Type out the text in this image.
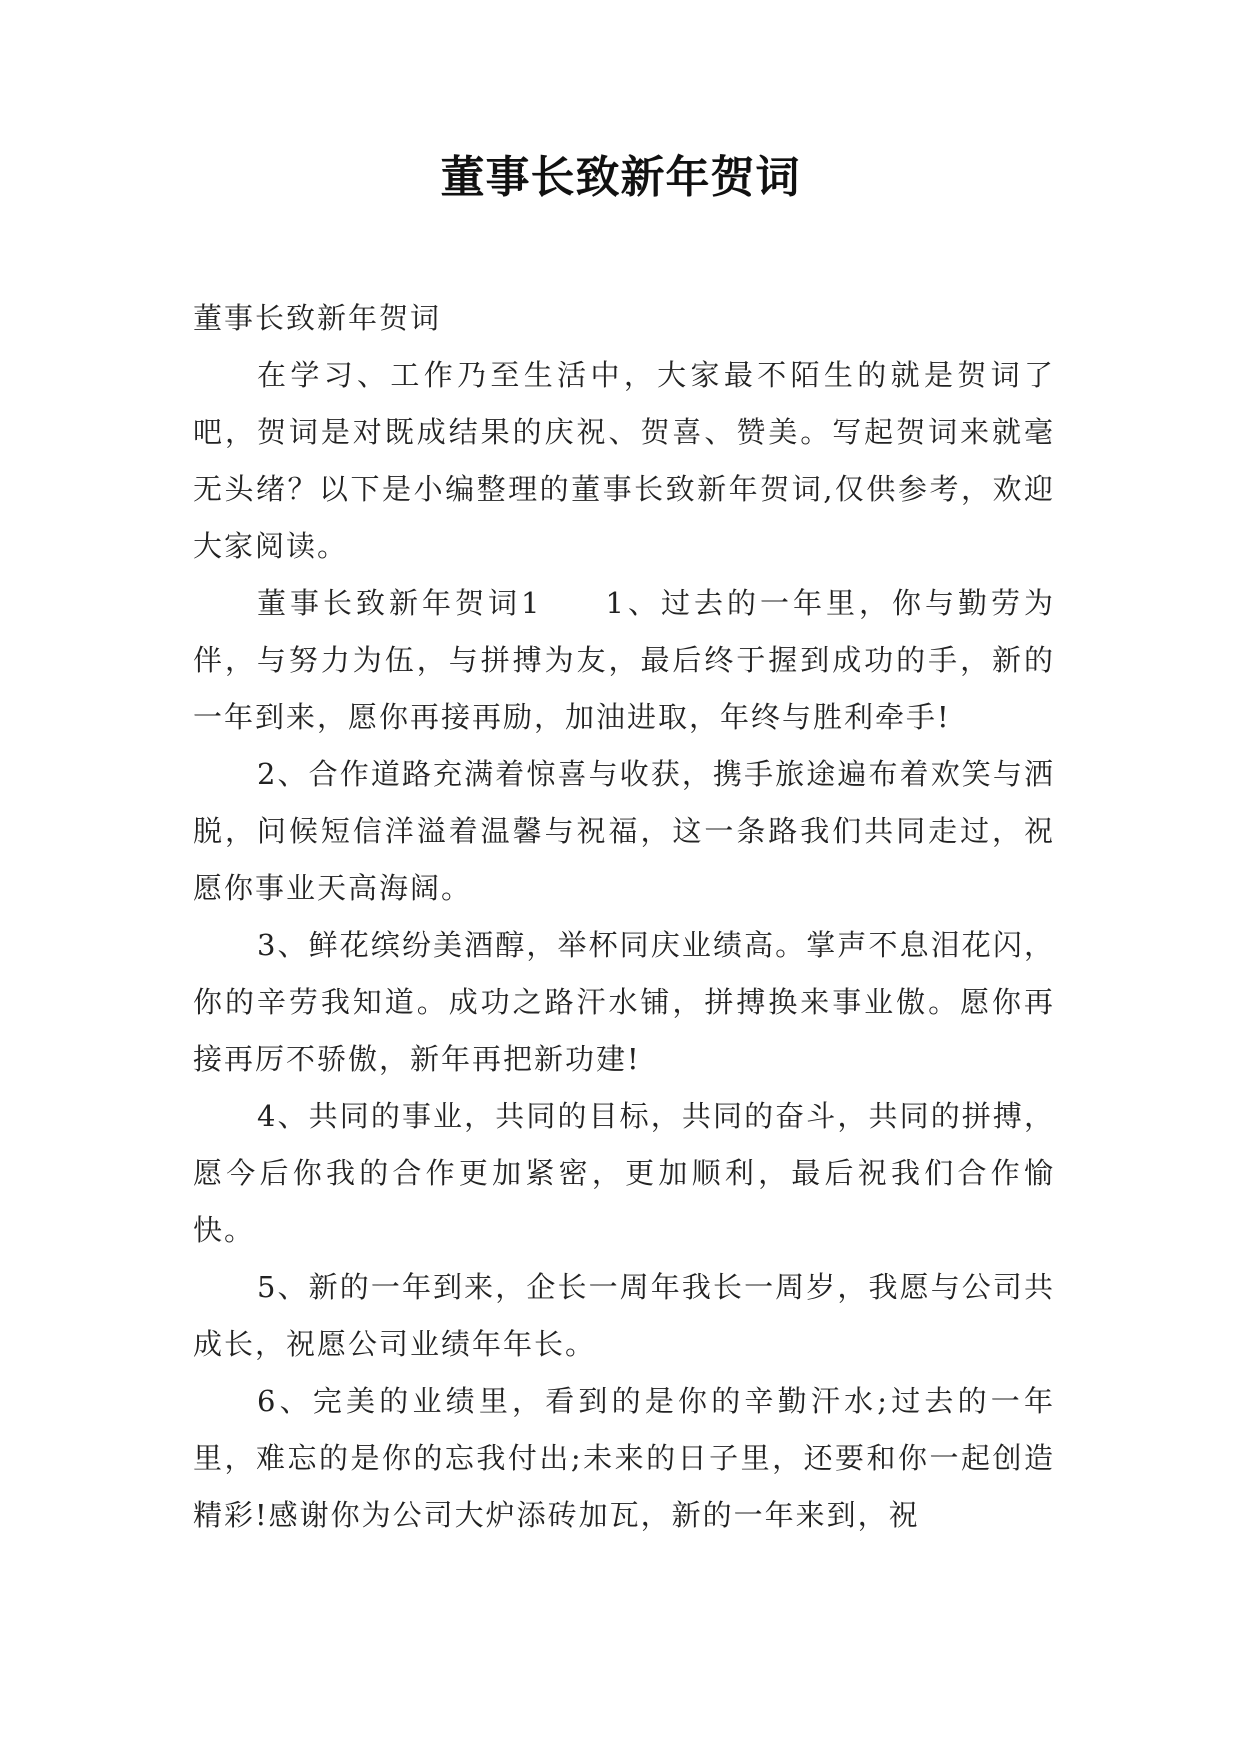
董事长致新年贺词

董事长致新年贺词

在学习、工作乃至生活中，大家最不陌生的就是贺词了吧，贺词是对既成结果的庆祝、贺喜、赞美。写起贺词来就毫无头绪？以下是小编整理的董事长致新年贺词,仅供参考，欢迎大家阅读。

董事长致新年贺词1 1、过去的一年里，你与勤劳为伴，与努力为伍，与拼搏为友，最后终于握到成功的手，新的一年到来，愿你再接再励，加油进取，年终与胜利牵手!

2、合作道路充满着惊喜与收获，携手旅途遍布着欢笑与洒脱，问候短信洋溢着温馨与祝福，这一条路我们共同走过，祝愿你事业天高海阔。

3、鲜花缤纷美酒醇，举杯同庆业绩高。掌声不息泪花闪，你的辛劳我知道。成功之路汗水铺，拼搏换来事业傲。愿你再接再厉不骄傲，新年再把新功建!

4、共同的事业，共同的目标，共同的奋斗，共同的拼搏，愿今后你我的合作更加紧密，更加顺利，最后祝我们合作愉快。

5、新的一年到来，企长一周年我长一周岁，我愿与公司共成长，祝愿公司业绩年年长。

6、完美的业绩里，看到的是你的辛勤汗水;过去的一年里，难忘的是你的忘我付出;未来的日子里，还要和你一起创造精彩!感谢你为公司大炉添砖加瓦，新的一年来到，祝
